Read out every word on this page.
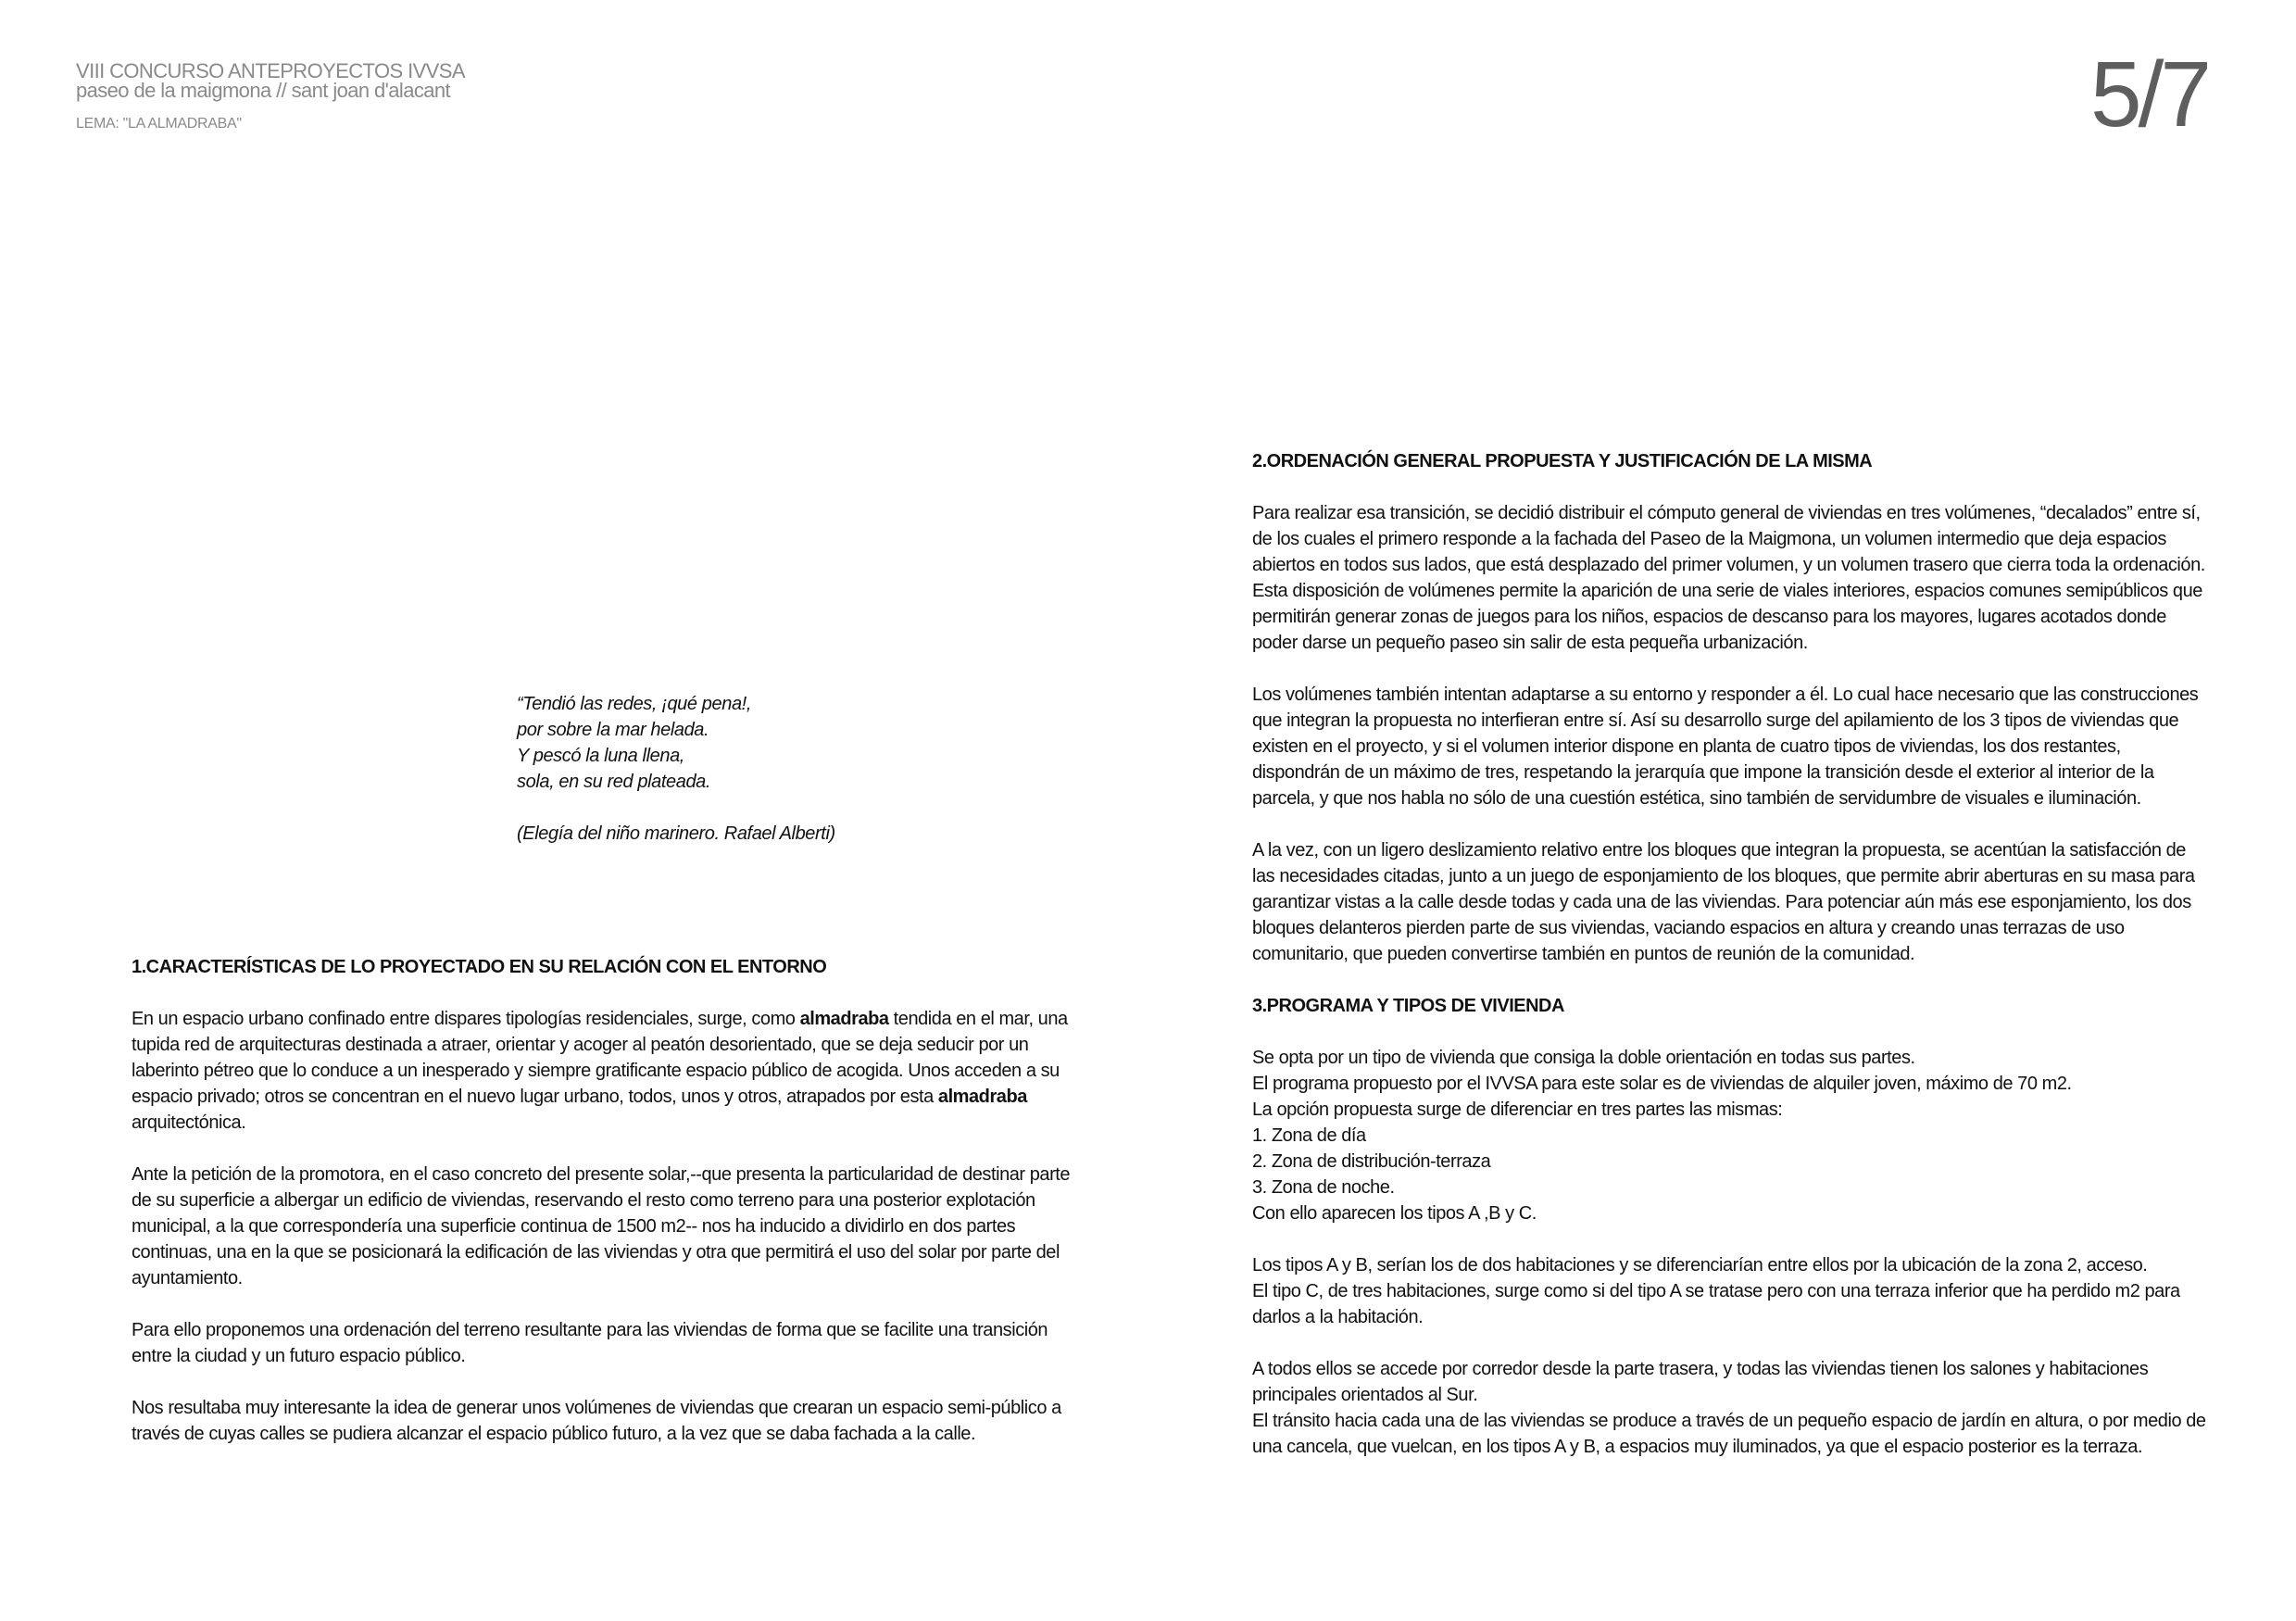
VIII CONCURSO ANTEPROYECTOS IVVSA
paseo de la maigmona // sant joan d'alacant
LEMA: "LA ALMADRABA"	5/7
“Tendió las redes, ¡qué pena!,
por sobre la mar helada.
Y pescó la luna llena,
sola, en su red plateada.
(Elegía del niño marinero. Rafael Alberti)
1.CARACTERÍSTICAS DE LO PROYECTADO EN SU RELACIÓN CON EL ENTORNO
En un espacio urbano confinado entre dispares tipologías residenciales, surge, como almadraba tendida en el mar, una
tupida red de arquitecturas destinada a atraer, orientar y acoger al peatón desorientado, que se deja seducir por un
laberinto pétreo que lo conduce a un inesperado y siempre gratificante espacio público de acogida. Unos acceden a su
espacio privado; otros se concentran en el nuevo lugar urbano, todos, unos y otros, atrapados por esta almadraba
arquitectónica.
Ante la petición de la promotora, en el caso concreto del presente solar,--que presenta la particularidad de destinar parte
de su superficie a albergar un edificio de viviendas, reservando el resto como terreno para una posterior explotación
municipal, a la que correspondería una superficie continua de 1500 m2-- nos ha inducido a dividirlo en dos partes
continuas, una en la que se posicionará la edificación de las viviendas y otra que permitirá el uso del solar por parte del
ayuntamiento.
Para ello proponemos una ordenación del terreno resultante para las viviendas de forma que se facilite una transición
entre la ciudad y un futuro espacio público.
Nos resultaba muy interesante la idea de generar unos volúmenes de viviendas que crearan un espacio semi-público a
través de cuyas calles se pudiera alcanzar el espacio público futuro, a la vez que se daba fachada a la calle.
2.ORDENACIÓN GENERAL PROPUESTA Y JUSTIFICACIÓN DE LA MISMA
Para realizar esa transición, se decidió distribuir el cómputo general de viviendas en tres volúmenes, “decalados” entre sí,
de los cuales el primero responde a la fachada del Paseo de la Maigmona, un volumen intermedio que deja espacios
abiertos en todos sus lados, que está desplazado del primer volumen, y un volumen trasero que cierra toda la ordenación.
Esta disposición de volúmenes permite la aparición de una serie de viales interiores, espacios comunes semipúblicos que
permitirán generar zonas de juegos para los niños, espacios de descanso para los mayores, lugares acotados donde
poder darse un pequeño paseo sin salir de esta pequeña urbanización.
Los volúmenes también intentan adaptarse a su entorno y responder a él. Lo cual hace necesario que las construcciones
que integran la propuesta no interfieran entre sí. Así su desarrollo surge del apilamiento de los 3 tipos de viviendas que
existen en el proyecto, y si el volumen interior dispone en planta de cuatro tipos de viviendas, los dos restantes,
dispondrán de un máximo de tres, respetando la jerarquía que impone la transición desde el exterior al interior de la
parcela, y que nos habla no sólo de una cuestión estética, sino también de servidumbre de visuales e iluminación.
A la vez, con un ligero deslizamiento relativo entre los bloques que integran la propuesta, se acentúan la satisfacción de
las necesidades citadas, junto a un juego de esponjamiento de los bloques, que permite abrir aberturas en su masa para
garantizar vistas a la calle desde todas y cada una de las viviendas. Para potenciar aún más ese esponjamiento, los dos
bloques delanteros pierden parte de sus viviendas, vaciando espacios en altura y creando unas terrazas de uso
comunitario, que pueden convertirse también en puntos de reunión de la comunidad.
3.PROGRAMA Y TIPOS DE VIVIENDA
Se opta por un tipo de vivienda que consiga la doble orientación en todas sus partes.
El programa propuesto por el IVVSA para este solar es de viviendas de alquiler joven, máximo de 70 m2.
La opción propuesta surge de diferenciar en tres partes las mismas:
1. Zona de día
2. Zona de distribución-terraza
3. Zona de noche.
Con ello aparecen los tipos A ,B y C.
Los tipos A y B, serían los de dos habitaciones y se diferenciarían entre ellos por la ubicación de la zona 2, acceso.
El tipo C, de tres habitaciones, surge como si del tipo A se tratase pero con una terraza inferior que ha perdido m2 para
darlos a la habitación.
A todos ellos se accede por corredor desde la parte trasera, y todas las viviendas tienen los salones y habitaciones
principales orientados al Sur.
El tránsito hacia cada una de las viviendas se produce a través de un pequeño espacio de jardín en altura, o por medio de
una cancela, que vuelcan, en los tipos A y B, a espacios muy iluminados, ya que el espacio posterior es la terraza.
